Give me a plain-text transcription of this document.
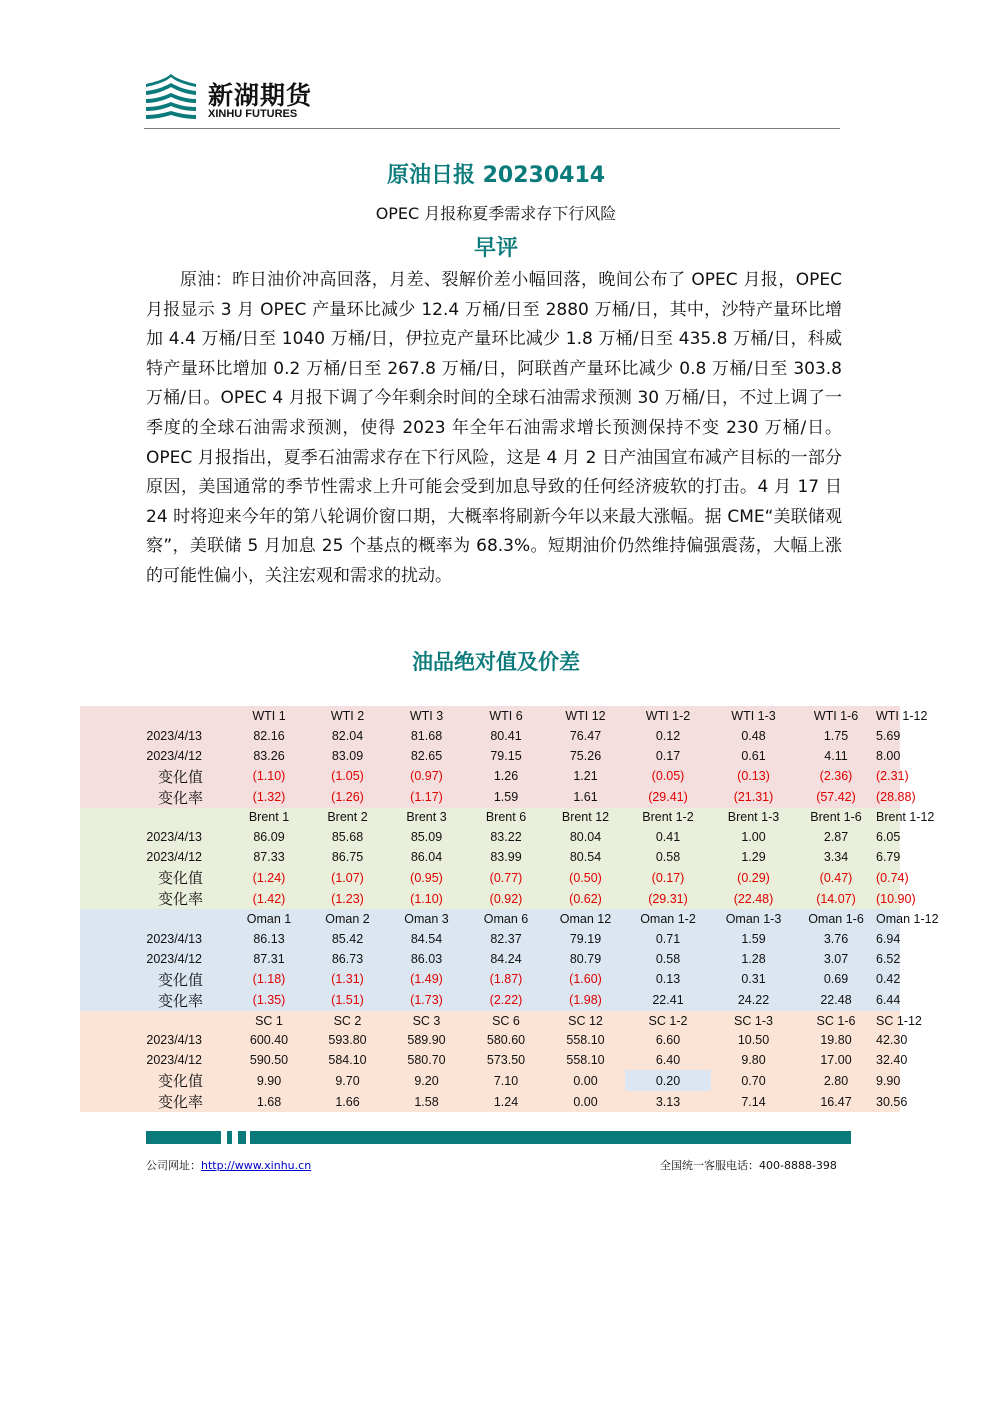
新湖期货
XINHU FUTURES
原油日报 20230414
OPEC 月报称夏季需求存下行风险
早评
原油：昨日油价冲高回落，月差、裂解价差小幅回落，晚间公布了 OPEC 月报，OPEC 月报显示 3 月 OPEC 产量环比减少 12.4 万桶/日至 2880 万桶/日，其中，沙特产量环比增加 4.4 万桶/日至 1040 万桶/日，伊拉克产量环比减少 1.8 万桶/日至 435.8 万桶/日，科威特产量环比增加 0.2 万桶/日至 267.8 万桶/日，阿联酋产量环比减少 0.8 万桶/日至 303.8 万桶/日。OPEC 4 月报下调了今年剩余时间的全球石油需求预测 30 万桶/日，不过上调了一季度的全球石油需求预测，使得 2023 年全年石油需求增长预测保持不变 230 万桶/日。OPEC 月报指出，夏季石油需求存在下行风险，这是 4 月 2 日产油国宣布减产目标的一部分原因，美国通常的季节性需求上升可能会受到加息导致的任何经济疲软的打击。4 月 17 日 24 时将迎来今年的第八轮调价窗口期，大概率将刷新今年以来最大涨幅。据 CME“美联储观察”，美联储 5 月加息 25 个基点的概率为 68.3%。短期油价仍然维持偏强震荡，大幅上涨的可能性偏小，关注宏观和需求的扰动。
油品绝对值及价差
	WTI 1	WTI 2	WTI 3	WTI 6	WTI 12	WTI 1-2	WTI 1-3	WTI 1-6	WTI 1-12	
2023/4/13	82.16	82.04	81.68	80.41	76.47	0.12	0.48	1.75	5.69	
2023/4/12	83.26	83.09	82.65	79.15	75.26	0.17	0.61	4.11	8.00	
变化值	(1.10)	(1.05)	(0.97)	1.26	1.21	(0.05)	(0.13)	(2.36)	(2.31)	
变化率	(1.32)	(1.26)	(1.17)	1.59	1.61	(29.41)	(21.31)	(57.42)	(28.88)	
	Brent 1	Brent 2	Brent 3	Brent 6	Brent 12	Brent 1-2	Brent 1-3	Brent 1-6	Brent 1-12	
2023/4/13	86.09	85.68	85.09	83.22	80.04	0.41	1.00	2.87	6.05	
2023/4/12	87.33	86.75	86.04	83.99	80.54	0.58	1.29	3.34	6.79	
变化值	(1.24)	(1.07)	(0.95)	(0.77)	(0.50)	(0.17)	(0.29)	(0.47)	(0.74)	
变化率	(1.42)	(1.23)	(1.10)	(0.92)	(0.62)	(29.31)	(22.48)	(14.07)	(10.90)	
	Oman 1	Oman 2	Oman 3	Oman 6	Oman 12	Oman 1-2	Oman 1-3	Oman 1-6	Oman 1-12	
2023/4/13	86.13	85.42	84.54	82.37	79.19	0.71	1.59	3.76	6.94	
2023/4/12	87.31	86.73	86.03	84.24	80.79	0.58	1.28	3.07	6.52	
变化值	(1.18)	(1.31)	(1.49)	(1.87)	(1.60)	0.13	0.31	0.69	0.42	
变化率	(1.35)	(1.51)	(1.73)	(2.22)	(1.98)	22.41	24.22	22.48	6.44	
	SC 1	SC 2	SC 3	SC 6	SC 12	SC 1-2	SC 1-3	SC 1-6	SC 1-12	
2023/4/13	600.40	593.80	589.90	580.60	558.10	6.60	10.50	19.80	42.30	
2023/4/12	590.50	584.10	580.70	573.50	558.10	6.40	9.80	17.00	32.40	
变化值	9.90	9.70	9.20	7.10	0.00	0.20	0.70	2.80	9.90	
变化率	1.68	1.66	1.58	1.24	0.00	3.13	7.14	16.47	30.56	
公司网址：http://www.xinhu.cn	全国统一客服电话：400-8888-398
